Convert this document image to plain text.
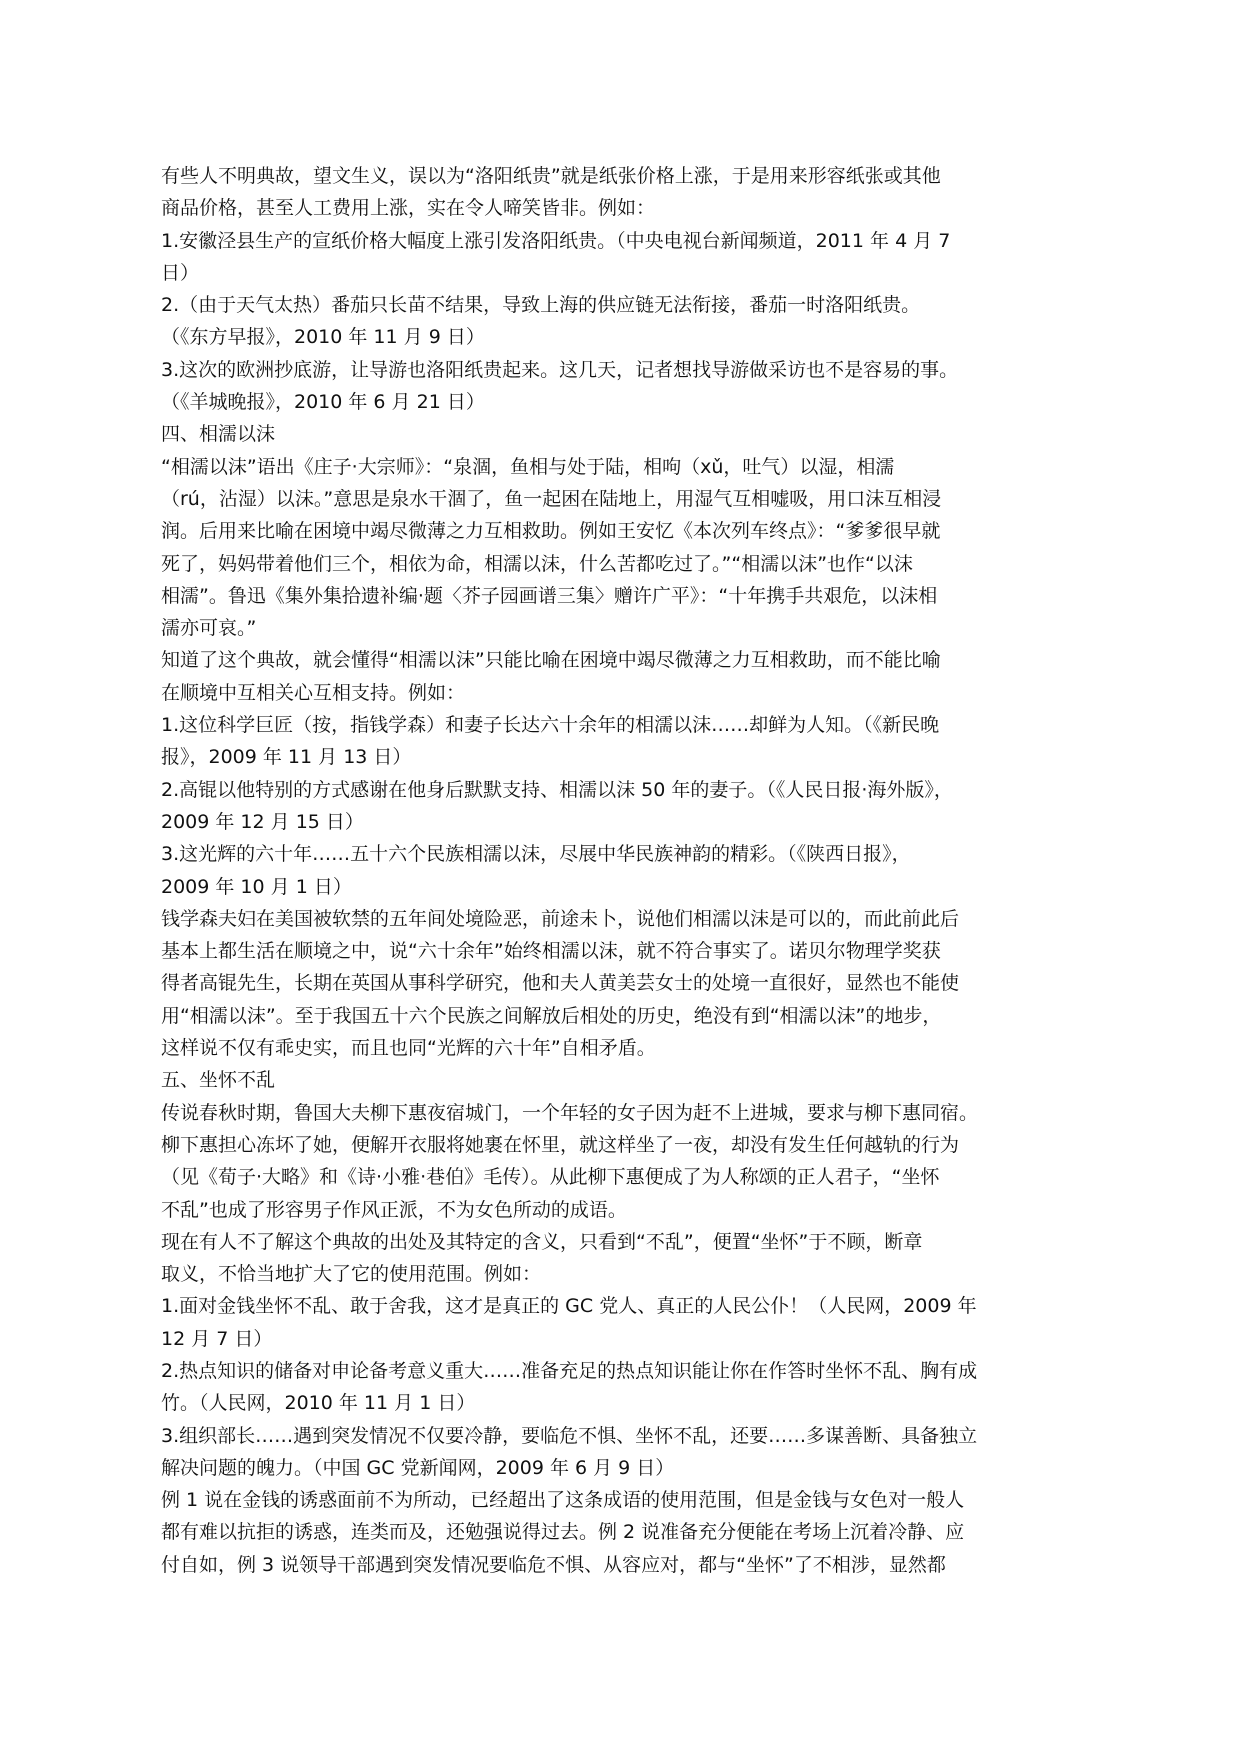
有些人不明典故，望文生义，误以为“洛阳纸贵”就是纸张价格上涨，于是用来形容纸张或其他
商品价格，甚至人工费用上涨，实在令人啼笑皆非。例如：
1.安徽泾县生产的宣纸价格大幅度上涨引发洛阳纸贵。（中央电视台新闻频道，2011 年 4 月 7
日）
2.（由于天气太热）番茄只长苗不结果，导致上海的供应链无法衔接，番茄一时洛阳纸贵。
（《东方早报》，2010 年 11 月 9 日）
3.这次的欧洲抄底游，让导游也洛阳纸贵起来。这几天，记者想找导游做采访也不是容易的事。
（《羊城晚报》，2010 年 6 月 21 日）
四、相濡以沫
“相濡以沫”语出《庄子·大宗师》：“泉涸，鱼相与处于陆，相呴（xǔ，吐气）以湿，相濡
（rú，沾湿）以沫。”意思是泉水干涸了，鱼一起困在陆地上，用湿气互相嘘吸，用口沫互相浸
润。后用来比喻在困境中竭尽微薄之力互相救助。例如王安忆《本次列车终点》：“爹爹很早就
死了，妈妈带着他们三个，相依为命，相濡以沫，什么苦都吃过了。”“相濡以沫”也作“以沫
相濡”。鲁迅《集外集拾遗补编·题〈芥子园画谱三集〉赠许广平》：“十年携手共艰危，以沫相
濡亦可哀。”
知道了这个典故，就会懂得“相濡以沫”只能比喻在困境中竭尽微薄之力互相救助，而不能比喻
在顺境中互相关心互相支持。例如：
1.这位科学巨匠（按，指钱学森）和妻子长达六十余年的相濡以沫……却鲜为人知。（《新民晚
报》，2009 年 11 月 13 日）
2.高锟以他特别的方式感谢在他身后默默支持、相濡以沫 50 年的妻子。（《人民日报·海外版》，
2009 年 12 月 15 日）
3.这光辉的六十年……五十六个民族相濡以沫，尽展中华民族神韵的精彩。（《陕西日报》，
2009 年 10 月 1 日）
钱学森夫妇在美国被软禁的五年间处境险恶，前途未卜，说他们相濡以沫是可以的，而此前此后
基本上都生活在顺境之中，说“六十余年”始终相濡以沫，就不符合事实了。诺贝尔物理学奖获
得者高锟先生，长期在英国从事科学研究，他和夫人黄美芸女士的处境一直很好，显然也不能使
用“相濡以沫”。至于我国五十六个民族之间解放后相处的历史，绝没有到“相濡以沫”的地步，
这样说不仅有乖史实，而且也同“光辉的六十年”自相矛盾。
五、坐怀不乱
传说春秋时期，鲁国大夫柳下惠夜宿城门，一个年轻的女子因为赶不上进城，要求与柳下惠同宿。
柳下惠担心冻坏了她，便解开衣服将她裹在怀里，就这样坐了一夜，却没有发生任何越轨的行为
（见《荀子·大略》和《诗·小雅·巷伯》毛传）。从此柳下惠便成了为人称颂的正人君子，“坐怀
不乱”也成了形容男子作风正派，不为女色所动的成语。
现在有人不了解这个典故的出处及其特定的含义，只看到“不乱”，便置“坐怀”于不顾，断章
取义，不恰当地扩大了它的使用范围。例如：
1.面对金钱坐怀不乱、敢于舍我，这才是真正的 GC 党人、真正的人民公仆！（人民网，2009 年
12 月 7 日）
2.热点知识的储备对申论备考意义重大……准备充足的热点知识能让你在作答时坐怀不乱、胸有成
竹。（人民网，2010 年 11 月 1 日）
3.组织部长……遇到突发情况不仅要冷静，要临危不惧、坐怀不乱，还要……多谋善断、具备独立
解决问题的魄力。（中国 GC 党新闻网，2009 年 6 月 9 日）
例 1 说在金钱的诱惑面前不为所动，已经超出了这条成语的使用范围，但是金钱与女色对一般人
都有难以抗拒的诱惑，连类而及，还勉强说得过去。例 2 说准备充分便能在考场上沉着冷静、应
付自如，例 3 说领导干部遇到突发情况要临危不惧、从容应对，都与“坐怀”了不相涉，显然都
